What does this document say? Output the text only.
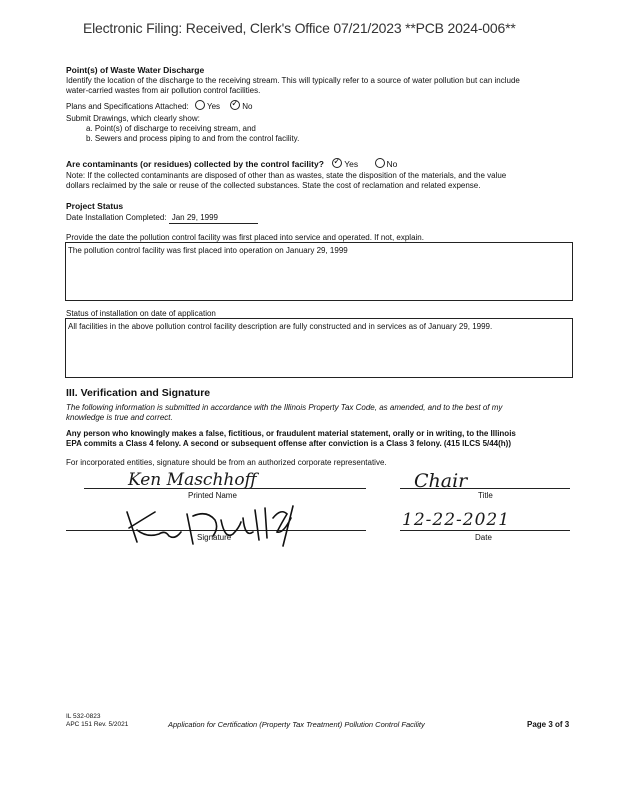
Electronic Filing: Received, Clerk's Office 07/21/2023 **PCB 2024-006**
Point(s) of Waste Water Discharge
Identify the location of the discharge to the receiving stream. This will typically refer to a source of water pollution but can include
water-carried wastes from air pollution control facilities.
Plans and Specifications Attached: Yes ✓	No
Submit Drawings, which clearly show:
a. Point(s) of discharge to receiving stream, and
b. Sewers and process piping to and from the control facility.
Are contaminants (or residues) collected by the control facility? ✓ Yes	No
Note: If the collected contaminants are disposed of other than as wastes, state the disposition of the materials, and the value
dollars reclaimed by the sale or reuse of the collected substances. State the cost of reclamation and related expense.
Project Status
Date Installation Completed: Jan 29, 1999
Provide the date the pollution control facility was first placed into service and operated. If not, explain.
The pollution control facility was first placed into operation on January 29, 1999
Status of installation on date of application
All facilities in the above pollution control facility description are fully constructed and in services as of January 29, 1999.
III. Verification and Signature
The following information is submitted in accordance with the Illinois Property Tax Code, as amended, and to the best of my
knowledge is true and correct.
Any person who knowingly makes a false, fictitious, or fraudulent material statement, orally or in writing, to the Illinois
EPA commits a Class 4 felony. A second or subsequent offense after conviction is a Class 3 felony. (415 ILCS 5/44(h))
For incorporated entities, signature should be from an authorized corporate representative.
Ken Maschhoff
Printed Name
Chair
Title
Signature
12-22-2021
Date
IL 532-0823
APC 151 Rev. 5/2021	Application for Certification (Property Tax Treatment) Pollution Control Facility	Page 3 of 3
